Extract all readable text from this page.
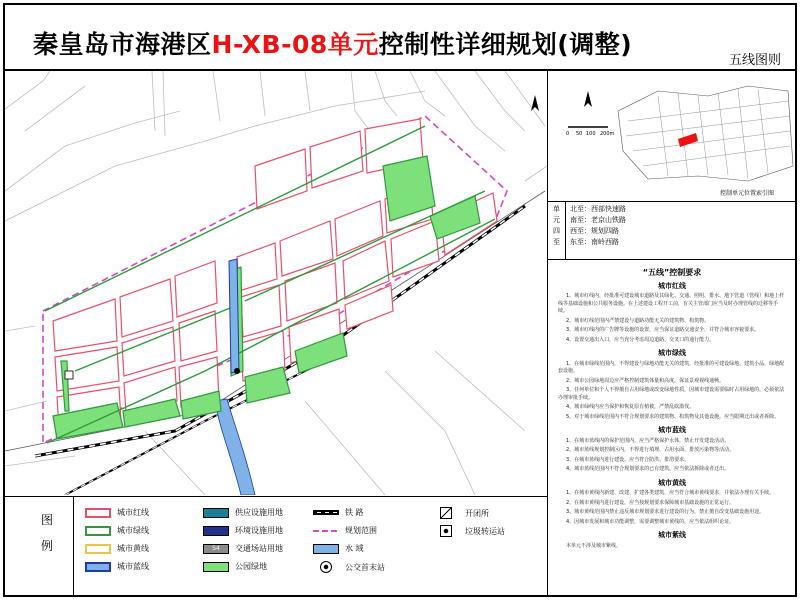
秦皇岛市海港区H-XB-08单元控制性详细规划(调整)
五线图则
0 50 100 200m
控制单元位置索引图
单
元
四
至
北至：西部快速路
南至：老京山铁路
西至：规划四路
东至：南岭西路
“五线”控制要求
城市红线

1、城市红线内，经批准可建设城市道路及其绿化、交通、照明、排水、地下管道（管线）和地上杆线等基础设施和公共服务设施。在上述建设工程开工前，有关主管部门应当及时办理管线的迁移等手续。

2、城市红线范围内严禁建设与道路功能无关的建筑物、构筑物。

3、城市红线内的广告牌等设施的设置，应当保证道路交通安全，并符合城市容貌要求。

4、设置交通出入口，应当充分考虑周边道路，交叉口的通行能力。

城市绿线

1、在城市绿线范围内，不得建设与绿地功能无关的建筑，经批准的可建设绿地、建筑小品、绿地配套设施。

2、城市公园绿地周边应严格控制建筑体量和高度，保证景观视线通畅。

3、任何单位和个人不得擅自占用绿地或改变绿地性质，因城市建设需要临时占用绿地的，必须依法办理审批手续。

4、城市绿线内应当保护和恢复原有植被，严禁乱砍滥伐。

5、对于城市绿线范围内不符合规划要求的建筑物、构筑物及其他设施，应当限期迁出或者拆除。

城市蓝线

1、在城市蓝线内的保护范围内，应当严格保护水体，禁止开发建设活动。

2、城市蓝线规划控制区内，不得进行填埋、占用水面、排放污染物等活动。

3、在城市蓝线内进行建设，应当符合防洪、排涝要求。

4、城市蓝线范围内不符合规划要求的已有建筑，应当依法拆除或者迁出。

城市黄线

1、在城市黄线内新建、改建、扩建各类建筑，应当符合城市黄线要求，并依法办理有关手续。

2、在城市黄线内进行建设，应当按规划要求保障城市基础设施的正常运行。

3、城市黄线范围内禁止违反城市规划要求进行建设的行为，禁止擅自改变基础设施用途。

4、因城市发展和城市功能调整，需要调整城市黄线的，应当依法组织论证。

城市紫线

本单元不涉及城市紫线。

图
例
城市红线
城市绿线
城市黄线
城市蓝线
供应设施用地
环境设施用地
S4	交通场站用地
公园绿地
铁 路
规划范围
水 域
公交首末站
开闭所
垃圾转运站
